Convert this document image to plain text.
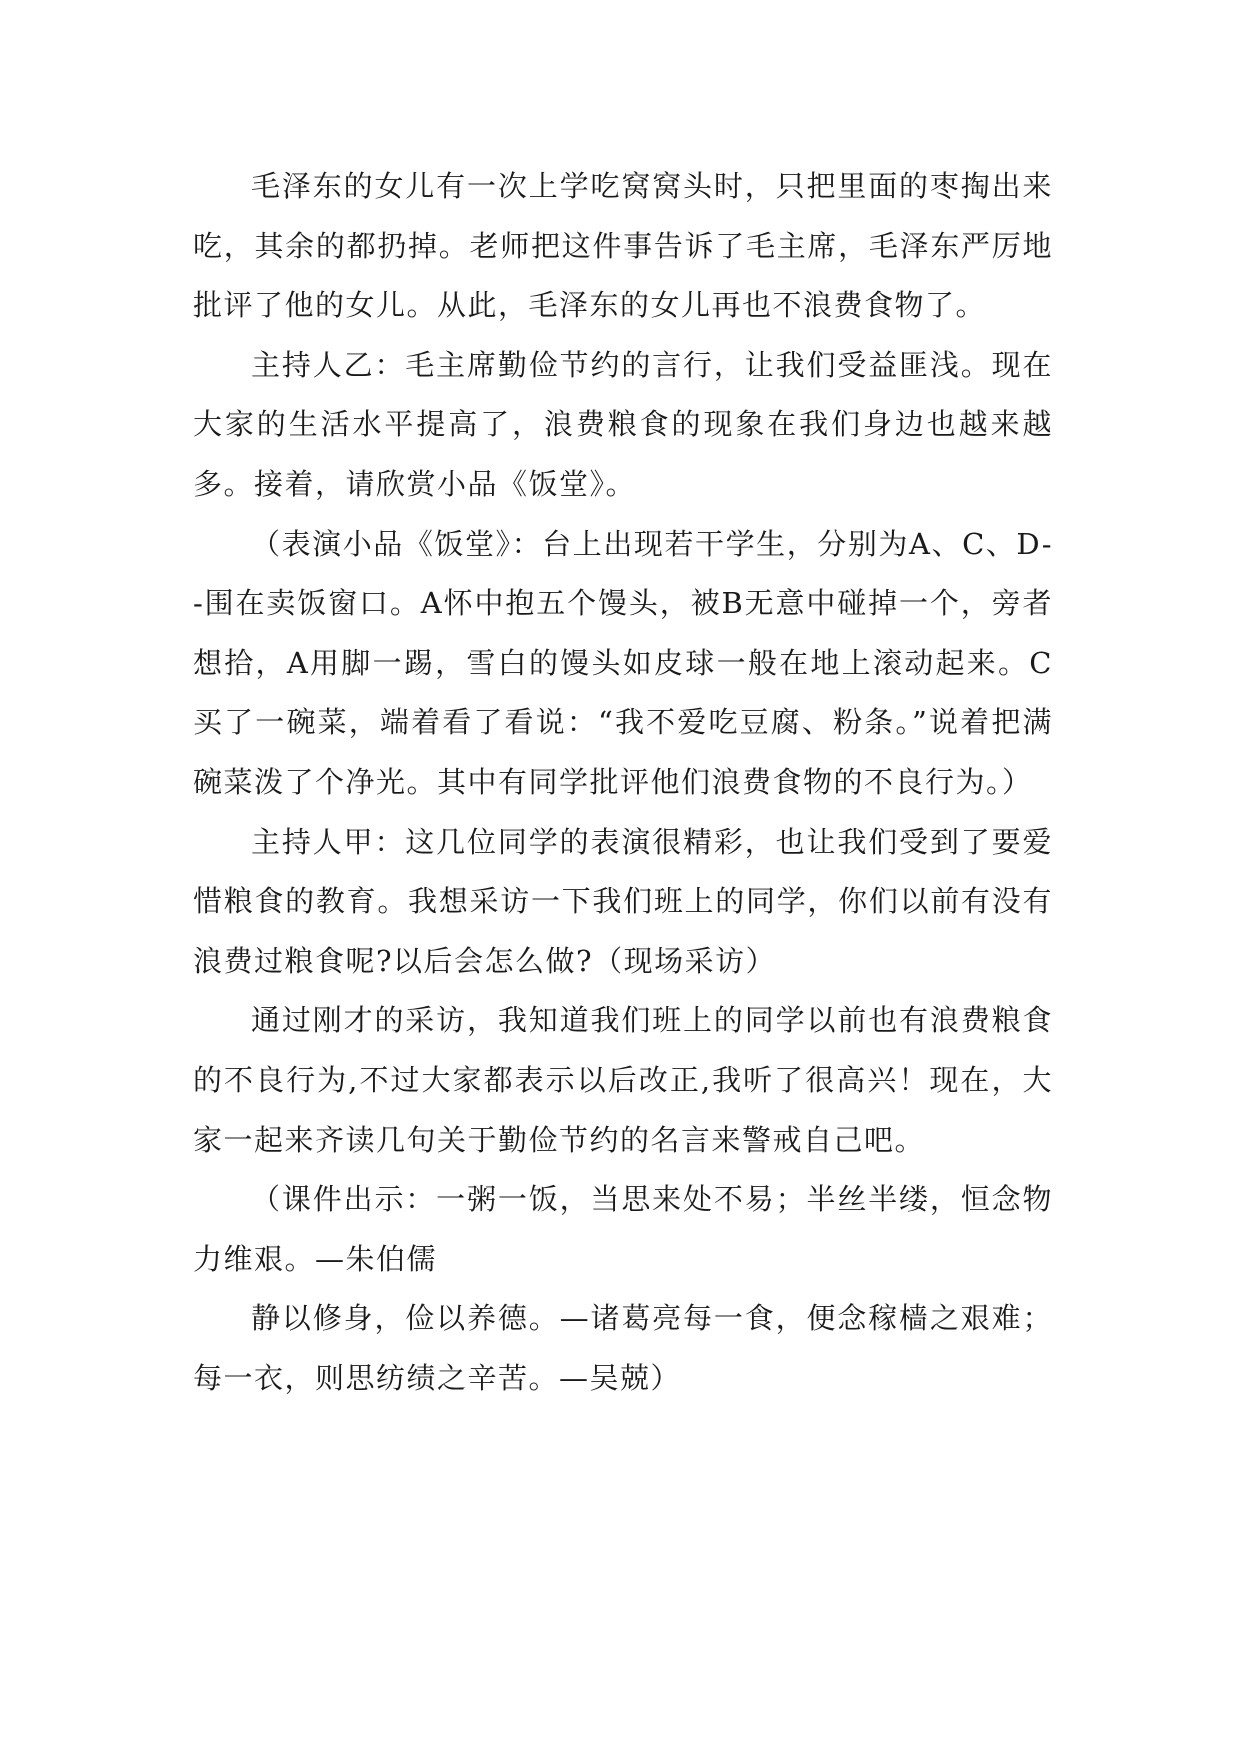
毛泽东的女儿有一次上学吃窝窝头时，只把里面的枣掏出来吃，其余的都扔掉。老师把这件事告诉了毛主席，毛泽东严厉地批评了他的女儿。从此，毛泽东的女儿再也不浪费食物了。

主持人乙：毛主席勤俭节约的言行，让我们受益匪浅。现在大家的生活水平提高了，浪费粮食的现象在我们身边也越来越多。接着，请欣赏小品《饭堂》。

（表演小品《饭堂》：台上出现若干学生，分别为A、C、D--围在卖饭窗口。A怀中抱五个馒头，被B无意中碰掉一个，旁者想拾，A用脚一踢，雪白的馒头如皮球一般在地上滚动起来。C买了一碗菜，端着看了看说：“我不爱吃豆腐、粉条。”说着把满碗菜泼了个净光。其中有同学批评他们浪费食物的不良行为。）

主持人甲：这几位同学的表演很精彩，也让我们受到了要爱惜粮食的教育。我想采访一下我们班上的同学，你们以前有没有浪费过粮食呢?以后会怎么做?（现场采访）

通过刚才的采访，我知道我们班上的同学以前也有浪费粮食的不良行为,不过大家都表示以后改正,我听了很高兴！现在，大家一起来齐读几句关于勤俭节约的名言来警戒自己吧。

（课件出示：一粥一饭，当思来处不易；半丝半缕，恒念物力维艰。—朱伯儒

静以修身，俭以养德。—诸葛亮每一食，便念稼樯之艰难；每一衣，则思纺绩之辛苦。—吴兢）
